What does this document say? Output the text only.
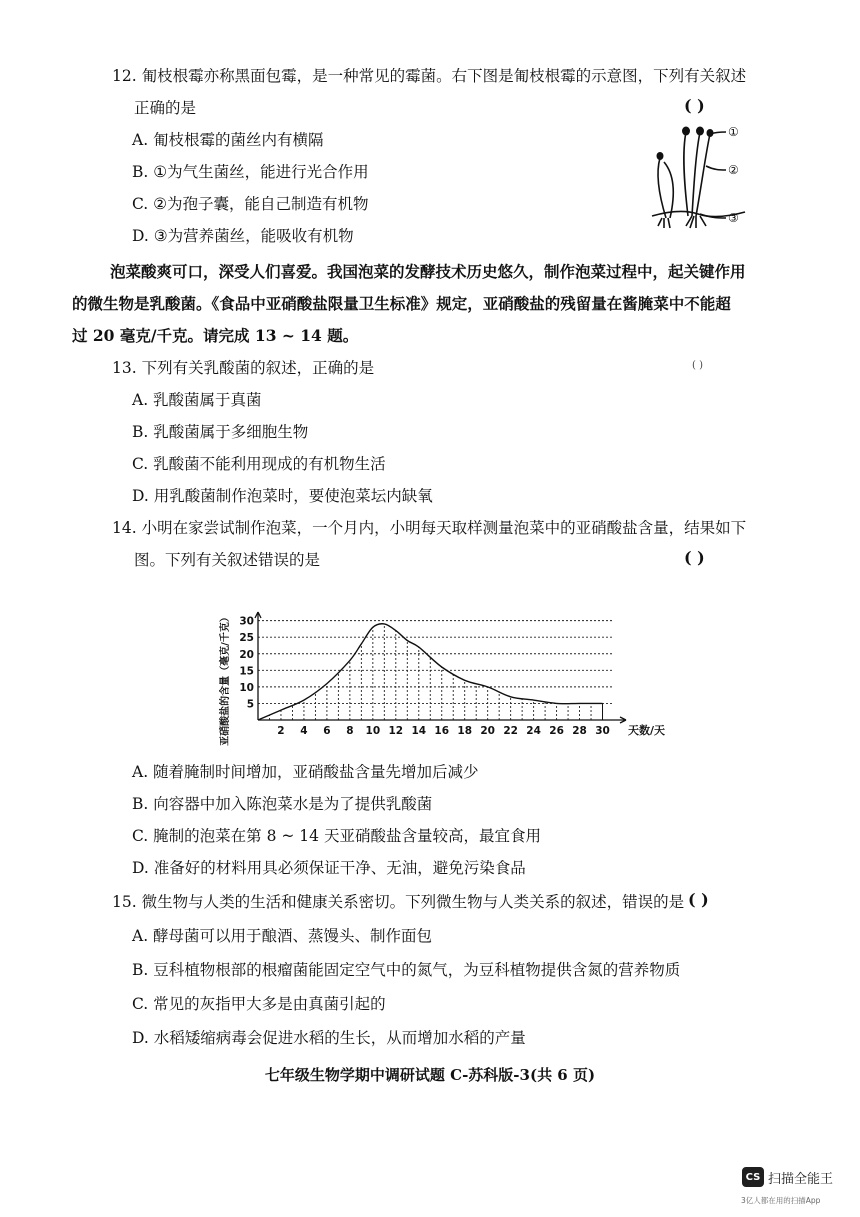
12. 匍枝根霉亦称黑面包霉，是一种常见的霉菌。右下图是匍枝根霉的示意图，下列有关叙述
正确的是	( )
A. 匍枝根霉的菌丝内有横隔
B. ①为气生菌丝，能进行光合作用
C. ②为孢子囊，能自己制造有机物
D. ③为营养菌丝，能吸收有机物
①
②
③
泡菜酸爽可口，深受人们喜爱。我国泡菜的发酵技术历史悠久，制作泡菜过程中，起关键作用
的微生物是乳酸菌。《食品中亚硝酸盐限量卫生标准》规定，亚硝酸盐的残留量在酱腌菜中不能超
过 20 毫克/千克。请完成 13 ~ 14 题。
13. 下列有关乳酸菌的叙述，正确的是	( )
A. 乳酸菌属于真菌
B. 乳酸菌属于多细胞生物
C. 乳酸菌不能利用现成的有机物生活
D. 用乳酸菌制作泡菜时，要使泡菜坛内缺氧
14. 小明在家尝试制作泡菜，一个月内，小明每天取样测量泡菜中的亚硝酸盐含量，结果如下
图。下列有关叙述错误的是	( )
2 4 6 8 10 12 14 16 18 20 22 24 26 28 30
5
10
15
20
25
30
天数/天
亚硝酸盐的含量（毫克/千克）
A. 随着腌制时间增加，亚硝酸盐含量先增加后减少
B. 向容器中加入陈泡菜水是为了提供乳酸菌
C. 腌制的泡菜在第 8 ~ 14 天亚硝酸盐含量较高，最宜食用
D. 准备好的材料用具必须保证干净、无油，避免污染食品
15. 微生物与人类的生活和健康关系密切。下列微生物与人类关系的叙述，错误的是 ( )
A. 酵母菌可以用于酿酒、蒸馒头、制作面包
B. 豆科植物根部的根瘤菌能固定空气中的氮气，为豆科植物提供含氮的营养物质
C. 常见的灰指甲大多是由真菌引起的
D. 水稻矮缩病毒会促进水稻的生长，从而增加水稻的产量
七年级生物学期中调研试题 C-苏科版-3(共 6 页)
CS 扫描全能王
3亿人都在用的扫描App
